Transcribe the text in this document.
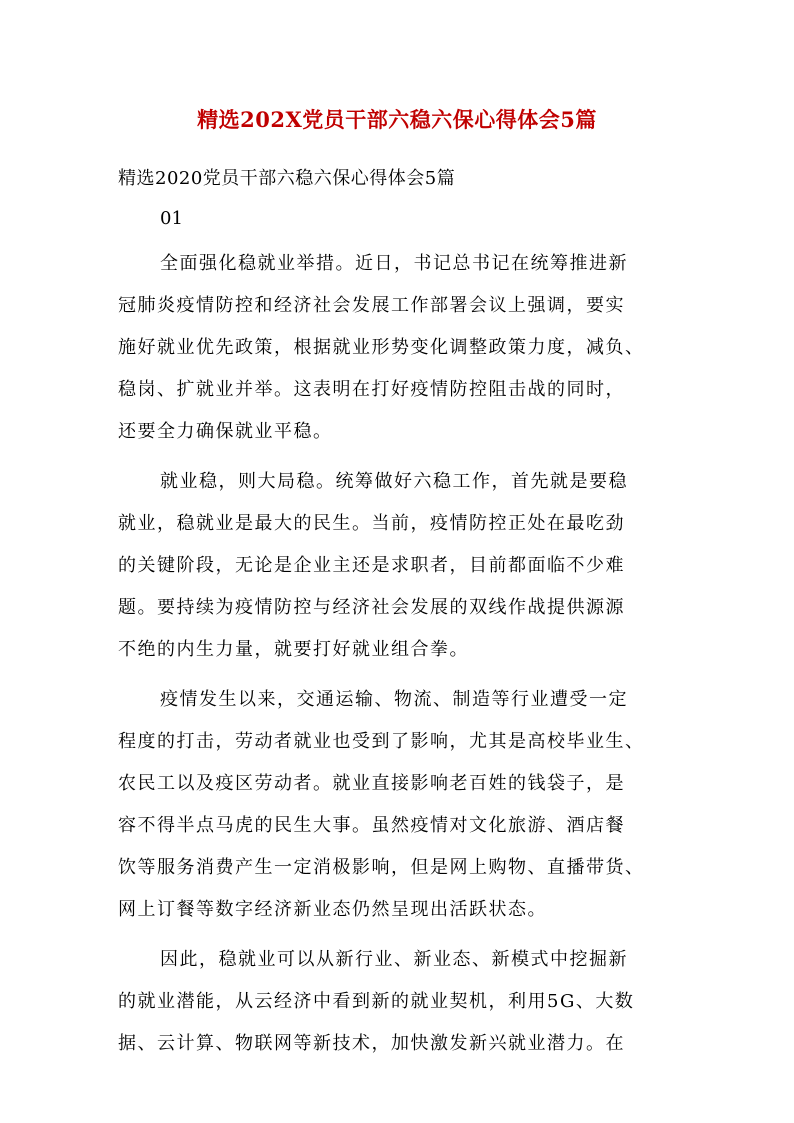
精选202X党员干部六稳六保心得体会5篇
精选2020党员干部六稳六保心得体会5篇
01
全面强化稳就业举措。近日，书记总书记在统筹推进新
冠肺炎疫情防控和经济社会发展工作部署会议上强调，要实
施好就业优先政策，根据就业形势变化调整政策力度，减负、
稳岗、扩就业并举。这表明在打好疫情防控阻击战的同时，
还要全力确保就业平稳。
就业稳，则大局稳。统筹做好六稳工作，首先就是要稳
就业，稳就业是最大的民生。当前，疫情防控正处在最吃劲
的关键阶段，无论是企业主还是求职者，目前都面临不少难
题。要持续为疫情防控与经济社会发展的双线作战提供源源
不绝的内生力量，就要打好就业组合拳。
疫情发生以来，交通运输、物流、制造等行业遭受一定
程度的打击，劳动者就业也受到了影响，尤其是高校毕业生、
农民工以及疫区劳动者。就业直接影响老百姓的钱袋子，是
容不得半点马虎的民生大事。虽然疫情对文化旅游、酒店餐
饮等服务消费产生一定消极影响，但是网上购物、直播带货、
网上订餐等数字经济新业态仍然呈现出活跃状态。
因此，稳就业可以从新行业、新业态、新模式中挖掘新
的就业潜能，从云经济中看到新的就业契机，利用5G、大数
据、云计算、物联网等新技术，加快激发新兴就业潜力。在
